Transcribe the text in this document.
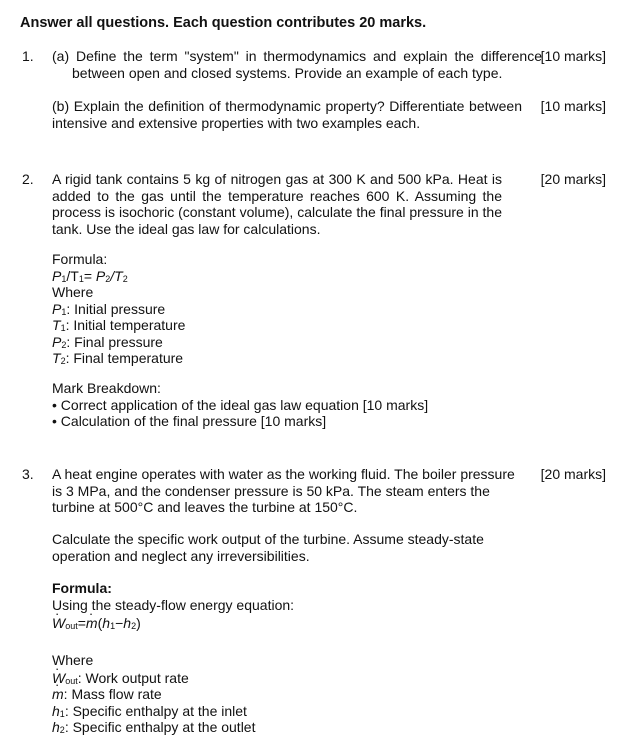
Answer all questions. Each question contributes 20 marks.
1. (a) Define the term "system" in thermodynamics and explain the difference between open and closed systems. Provide an example of each type.
[10 marks]
(b) Explain the definition of thermodynamic property? Differentiate between intensive and extensive properties with two examples each.
[10 marks]
2. A rigid tank contains 5 kg of nitrogen gas at 300 K and 500 kPa. Heat is added to the gas until the temperature reaches 600 K. Assuming the process is isochoric (constant volume), calculate the final pressure in the tank. Use the ideal gas law for calculations.
[20 marks]
Formula:
$P_1/T_1= P_2/T_2$
Where
$P_1$: Initial pressure
$T_1$: Initial temperature
$P_2$: Final pressure
$T_2$: Final temperature
Mark Breakdown:
• Correct application of the ideal gas law equation [10 marks]
• Calculation of the final pressure [10 marks]
3. A heat engine operates with water as the working fluid. The boiler pressure is 3 MPa, and the condenser pressure is 50 kPa. The steam enters the turbine at 500°C and leaves the turbine at 150°C.
[20 marks]
Calculate the specific work output of the turbine. Assume steady-state operation and neglect any irreversibilities.
Formula:
Using the steady-flow energy equation:
$W \cdot_{out}=m \cdot(h_1-h_2)$
Where
$W \cdot_{out}$: Work output rate
m ·: Mass flow rate
$h_1$: Specific enthalpy at the inlet
$h_2$: Specific enthalpy at the outlet
